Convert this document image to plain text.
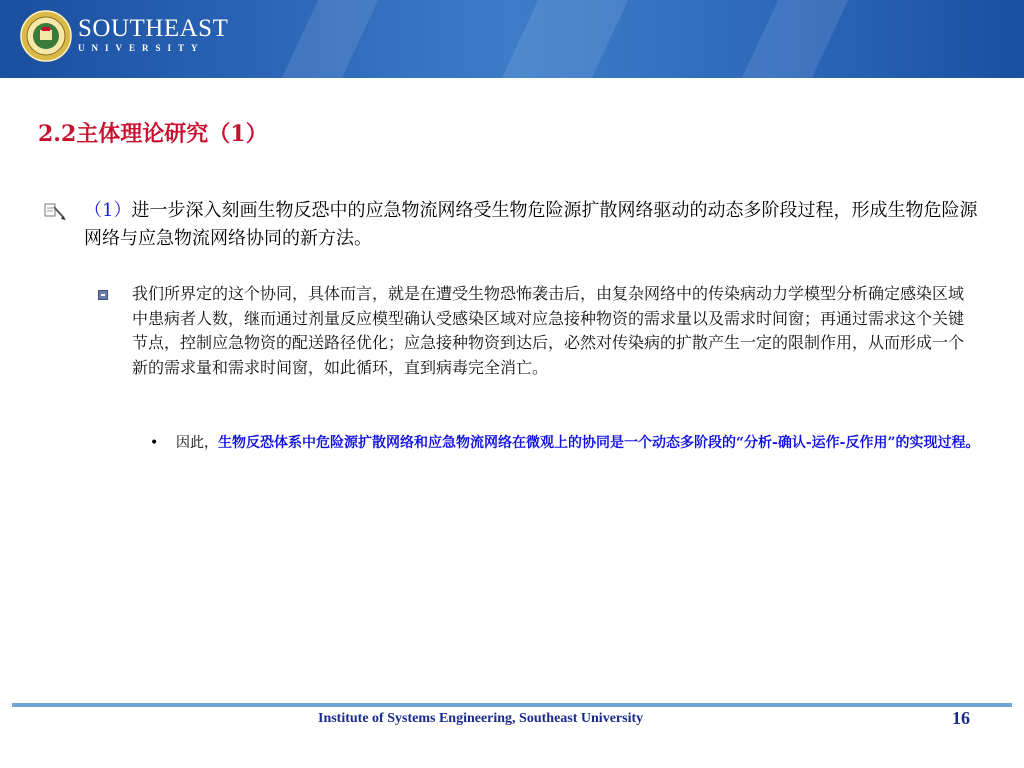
SOUTHEAST
UNIVERSITY
2.2主体理论研究（1）
（1）进一步深入刻画生物反恐中的应急物流网络受生物危险源扩散网络驱动的动态多阶段过程，形成生物危险源网络与应急物流网络协同的新方法。
我们所界定的这个协同，具体而言，就是在遭受生物恐怖袭击后，由复杂网络中的传染病动力学模型分析确定感染区域中患病者人数，继而通过剂量反应模型确认受感染区域对应急接种物资的需求量以及需求时间窗；再通过需求这个关键节点，控制应急物资的配送路径优化；应急接种物资到达后，必然对传染病的扩散产生一定的限制作用，从而形成一个新的需求量和需求时间窗，如此循环，直到病毒完全消亡。
• 因此，生物反恐体系中危险源扩散网络和应急物流网络在微观上的协同是一个动态多阶段的“分析-确认-运作-反作用”的实现过程。
Institute of Systems Engineering, Southeast University	16
